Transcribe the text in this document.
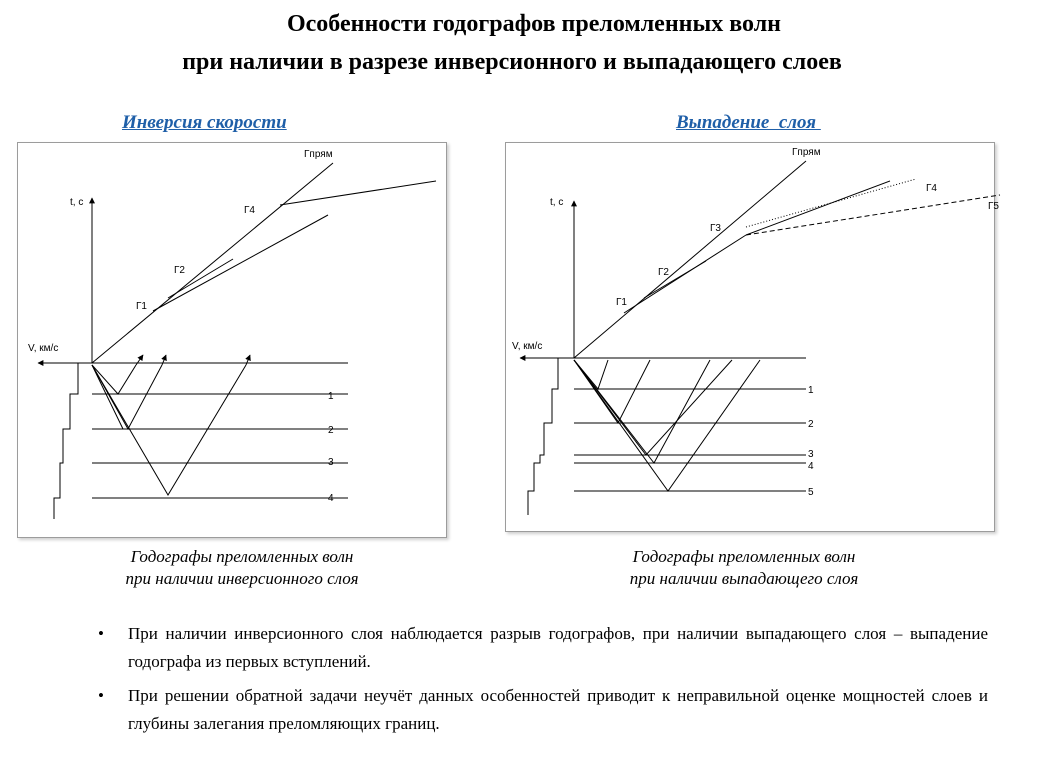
Особенности годографов преломленных волн
при наличии в разрезе инверсионного и выпадающего слоев
Инверсия скорости	Выпадение  слоя
t, с
V, км/с
Гпрям
Г4
Г2
Г1
1
2
3
4
t, с
V, км/с
Гпрям
Г4
Г5
Г3
Г2
Г1
1
2
3
4
5
Годографы преломленных волн
при наличии инверсионного слоя
Годографы преломленных волн
при наличии выпадающего слоя
• При наличии инверсионного слоя наблюдается разрыв годографов, при наличии выпадающего слоя – выпадение годографа из первых вступлений.
• При решении обратной задачи неучёт данных особенностей приводит к неправильной оценке мощностей слоев и глубины залегания преломляющих границ.
